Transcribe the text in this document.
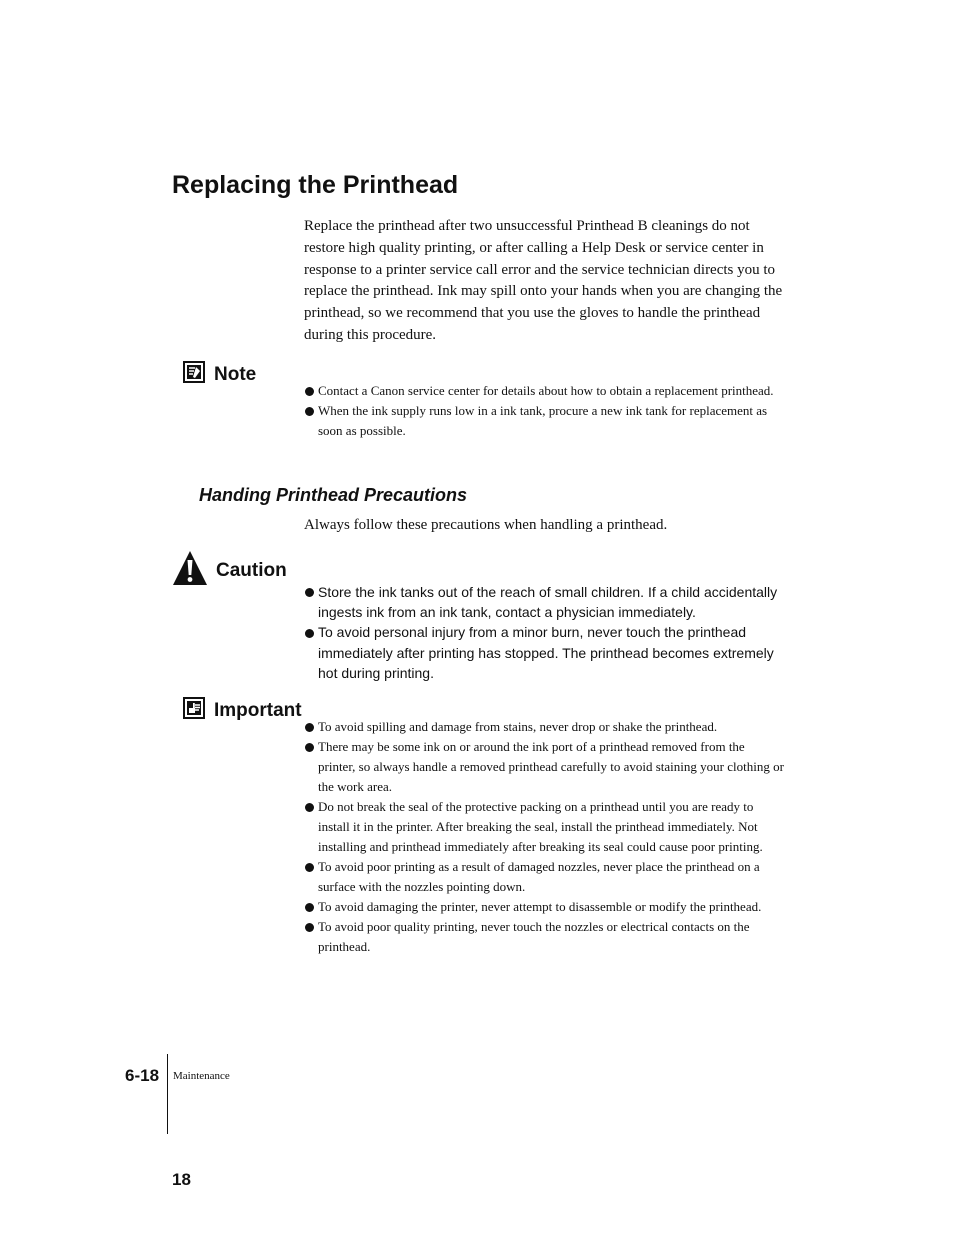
Replacing the Printhead
Replace the printhead after two unsuccessful Printhead B cleanings do not restore high quality printing, or after calling a Help Desk or service center in response to a printer service call error and the service technician directs you to replace the printhead. Ink may spill onto your hands when you are changing the printhead, so we recommend that you use the gloves to handle the printhead during this procedure.
Note
Contact a Canon service center for details about how to obtain a replacement printhead.
When the ink supply runs low in a ink tank, procure a new ink tank for replacement as soon as possible.
Handing Printhead Precautions
Always follow these precautions when handling a printhead.
Caution
Store the ink tanks out of the reach of small children. If a child accidentally ingests ink from an ink tank, contact a physician immediately.
To avoid personal injury from a minor burn, never touch the printhead immediately after printing has stopped. The printhead becomes extremely hot during printing.
Important
To avoid spilling and damage from stains, never drop or shake the printhead.
There may be some ink on or around the ink port of a printhead removed from the printer, so always handle a removed printhead carefully to avoid staining your clothing or the work area.
Do not break the seal of the protective packing on a printhead until you are ready to install it in the printer. After breaking the seal, install the printhead immediately. Not installing and printhead immediately after breaking its seal could cause poor printing.
To avoid poor printing as a result of damaged nozzles, never place the printhead on a surface with the nozzles pointing down.
To avoid damaging the printer, never attempt to disassemble or modify the printhead.
To avoid poor quality printing, never touch the nozzles or electrical contacts on the printhead.
6-18 Maintenance
18
